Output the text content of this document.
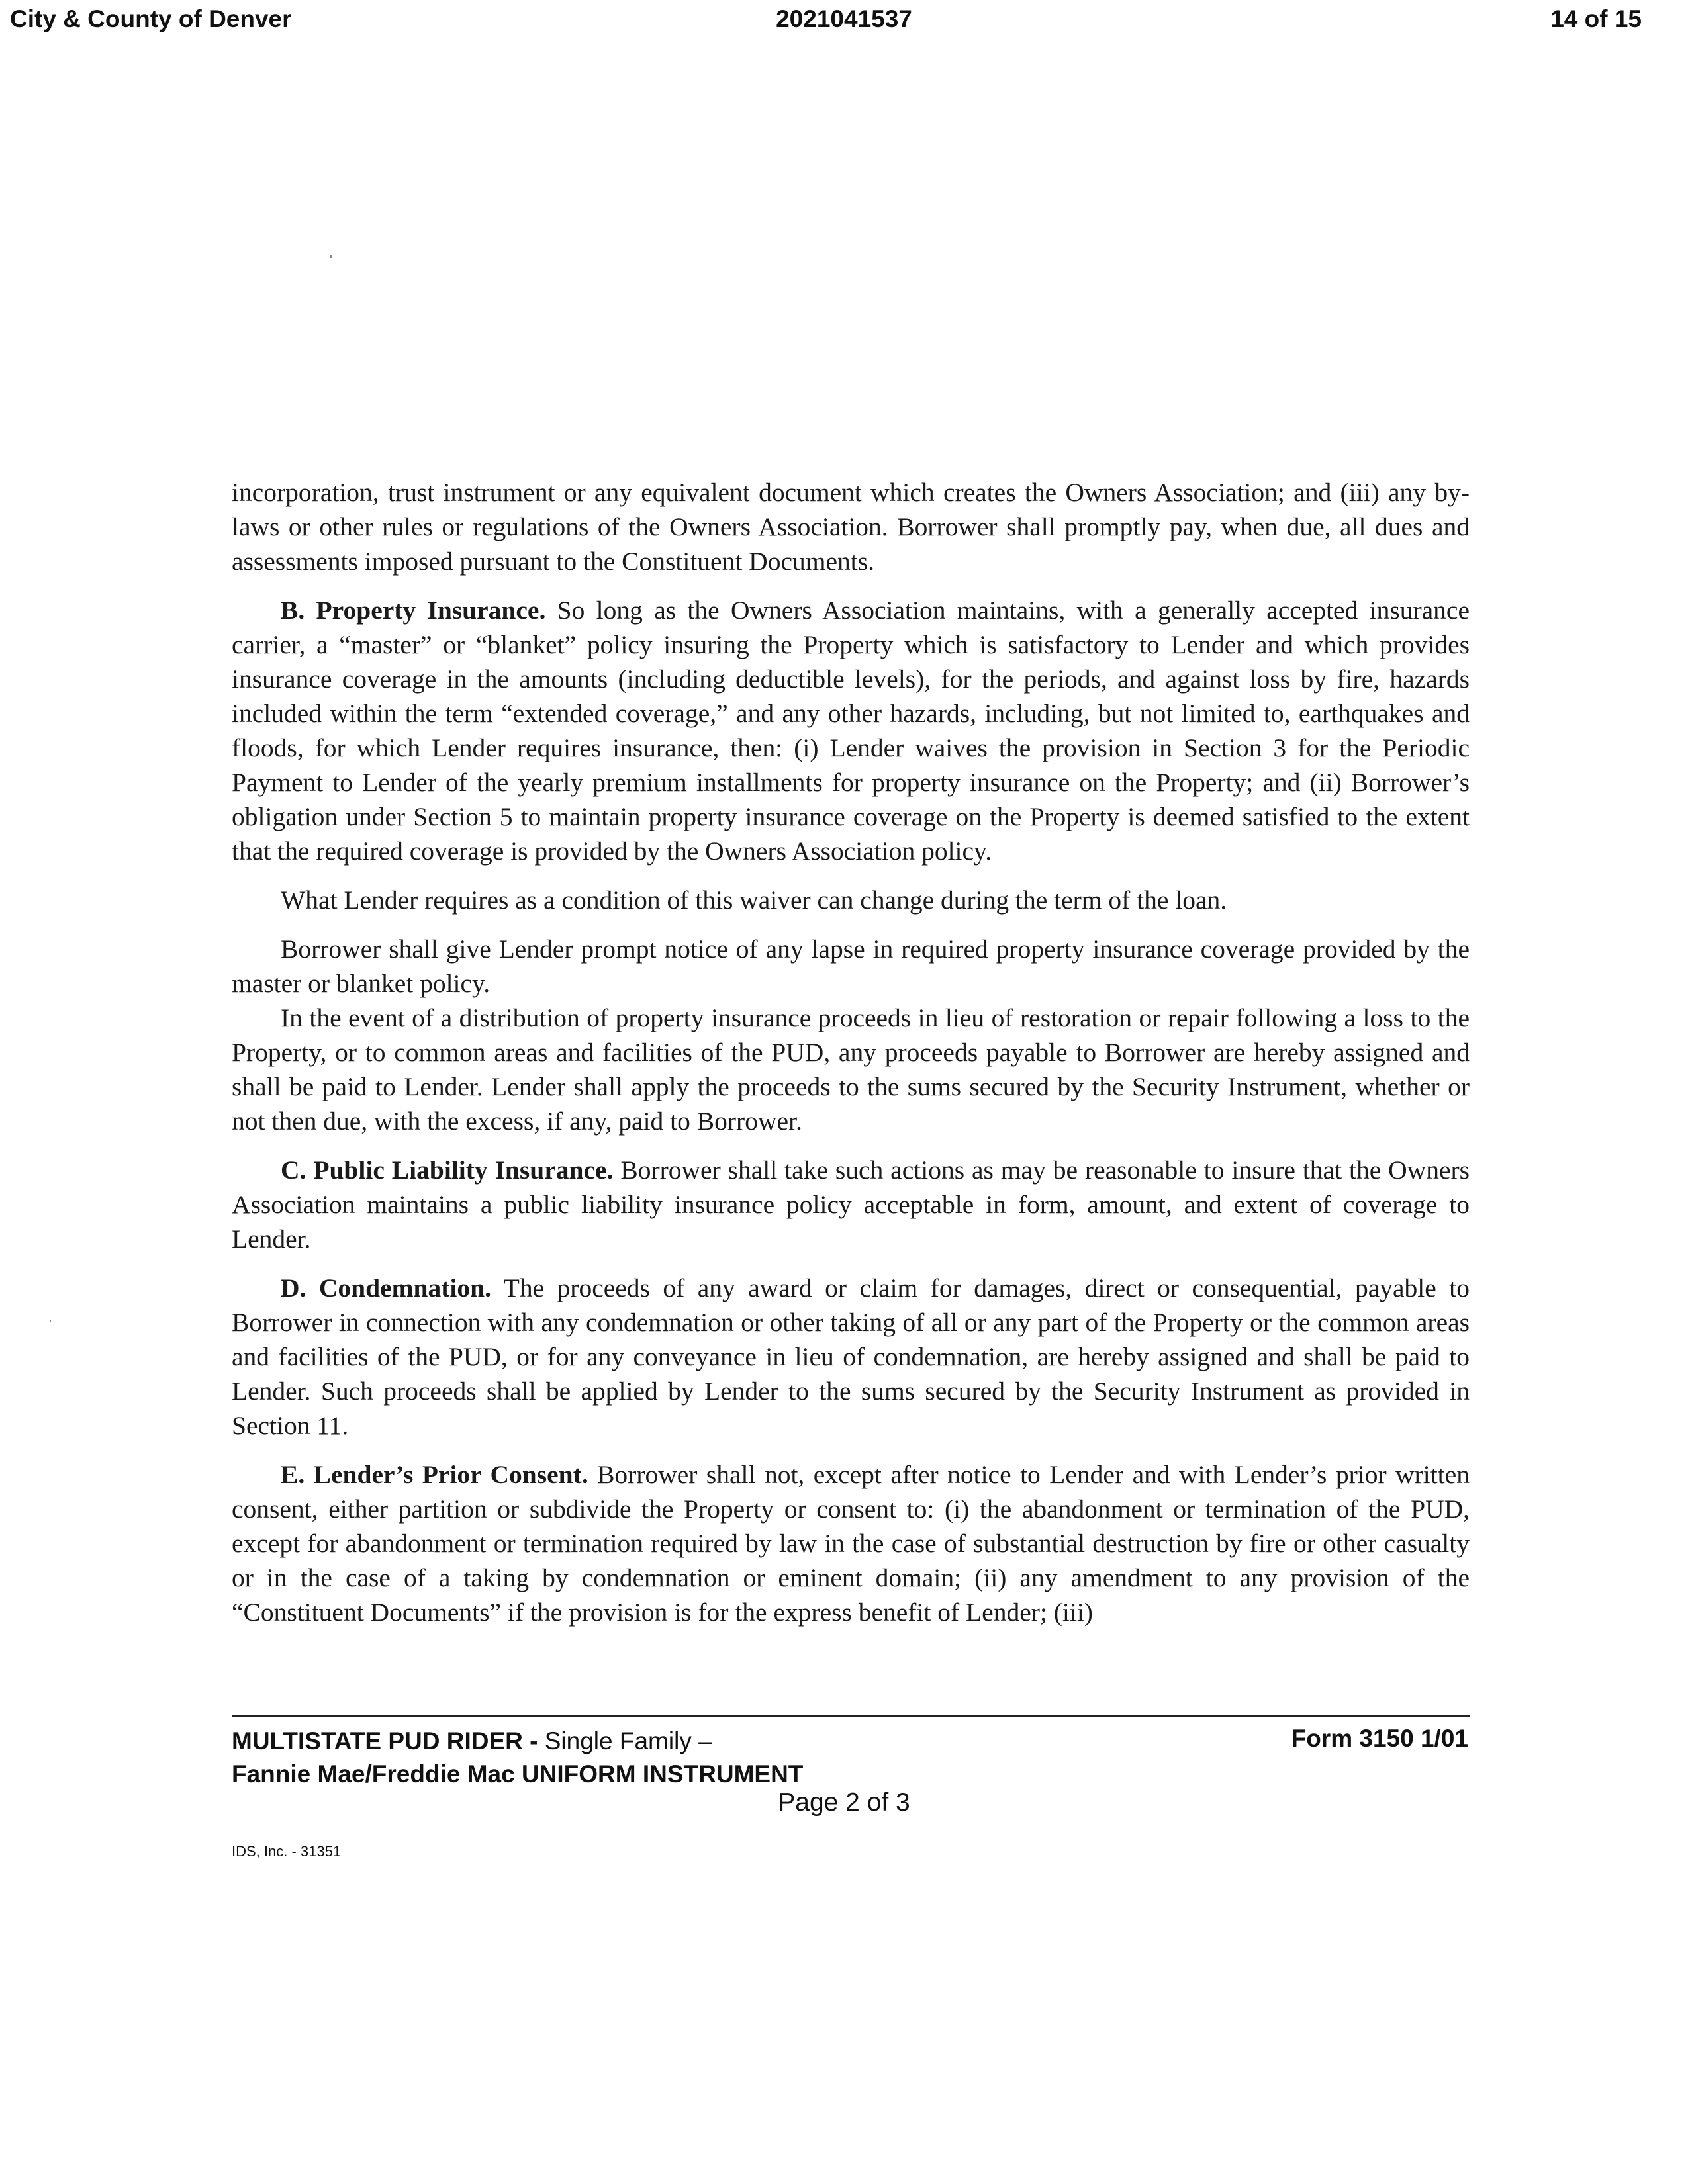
City & County of Denver	2021041537	14 of 15

incorporation, trust instrument or any equivalent document which creates the Owners Association; and (iii) any by-laws or other rules or regulations of the Owners Association. Borrower shall promptly pay, when due, all dues and assessments imposed pursuant to the Constituent Documents.

B. Property Insurance. So long as the Owners Association maintains, with a generally accepted insurance carrier, a “master” or “blanket” policy insuring the Property which is satisfactory to Lender and which provides insurance coverage in the amounts (including deductible levels), for the periods, and against loss by fire, hazards included within the term “extended coverage,” and any other hazards, including, but not limited to, earthquakes and floods, for which Lender requires insurance, then: (i) Lender waives the provision in Section 3 for the Periodic Payment to Lender of the yearly premium installments for property insurance on the Property; and (ii) Borrower’s obligation under Section 5 to maintain property insurance coverage on the Property is deemed satisfied to the extent that the required coverage is provided by the Owners Association policy.

What Lender requires as a condition of this waiver can change during the term of the loan.

Borrower shall give Lender prompt notice of any lapse in required property insurance coverage provided by the master or blanket policy.

In the event of a distribution of property insurance proceeds in lieu of restoration or repair following a loss to the Property, or to common areas and facilities of the PUD, any proceeds payable to Borrower are hereby assigned and shall be paid to Lender. Lender shall apply the proceeds to the sums secured by the Security Instrument, whether or not then due, with the excess, if any, paid to Borrower.

C. Public Liability Insurance. Borrower shall take such actions as may be reasonable to insure that the Owners Association maintains a public liability insurance policy acceptable in form, amount, and extent of coverage to Lender.

D. Condemnation. The proceeds of any award or claim for damages, direct or consequential, payable to Borrower in connection with any condemnation or other taking of all or any part of the Property or the common areas and facilities of the PUD, or for any conveyance in lieu of condemnation, are hereby assigned and shall be paid to Lender. Such proceeds shall be applied by Lender to the sums secured by the Security Instrument as provided in Section 11.

E. Lender’s Prior Consent. Borrower shall not, except after notice to Lender and with Lender’s prior written consent, either partition or subdivide the Property or consent to: (i) the abandonment or termination of the PUD, except for abandonment or termination required by law in the case of substantial destruction by fire or other casualty or in the case of a taking by condemnation or eminent domain; (ii) any amendment to any provision of the “Constituent Documents” if the provision is for the express benefit of Lender; (iii)

MULTISTATE PUD RIDER - Single Family –
Fannie Mae/Freddie Mac UNIFORM INSTRUMENT
Form 3150 1/01
Page 2 of 3
IDS, Inc. - 31351
